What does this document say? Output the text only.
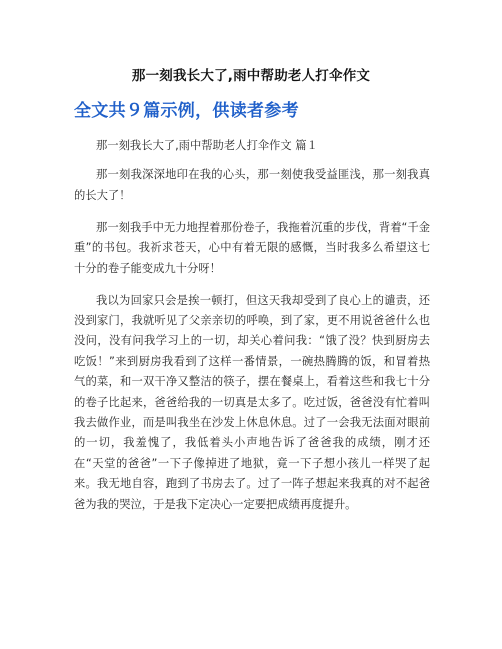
那一刻我长大了,雨中帮助老人打伞作文
全文共９篇示例，供读者参考

那一刻我长大了,雨中帮助老人打伞作文 篇１

那一刻我深深地印在我的心头，那一刻使我受益匪浅，那一刻我真的长大了！

那一刻我手中无力地捏着那份卷子，我拖着沉重的步伐，背着“千金重”的书包。我祈求苍天，心中有着无限的感慨，当时我多么希望这七十分的卷子能变成九十分呀！

我以为回家只会是挨一顿打，但这天我却受到了良心上的谴责，还没到家门，我就听见了父亲亲切的呼唤，到了家，更不用说爸爸什么也没问，没有问我学习上的一切，却关心着问我：“饿了没？快到厨房去吃饭！”来到厨房我看到了这样一番情景，一碗热腾腾的饭，和冒着热气的菜，和一双干净又整洁的筷子，摆在餐桌上，看着这些和我七十分的卷子比起来，爸爸给我的一切真是太多了。吃过饭，爸爸没有忙着叫我去做作业，而是叫我坐在沙发上休息休息。过了一会我无法面对眼前的一切，我羞愧了，我低着头小声地告诉了爸爸我的成绩，刚才还在“天堂的爸爸”一下子像掉进了地狱，竟一下子想小孩儿一样哭了起来。我无地自容，跑到了书房去了。过了一阵子想起来我真的对不起爸爸为我的哭泣，于是我下定决心一定要把成绩再度提升。
